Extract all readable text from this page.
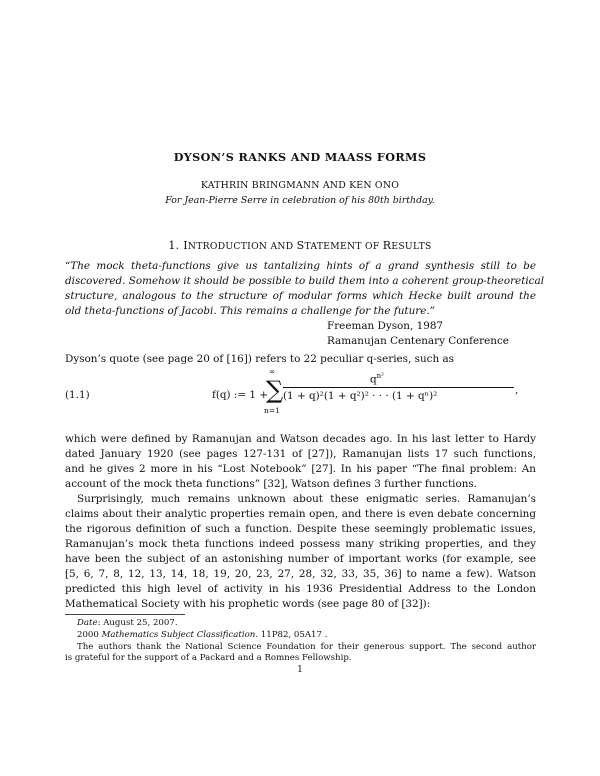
DYSON’S RANKS AND MAASS FORMS
KATHRIN BRINGMANN AND KEN ONO
For Jean-Pierre Serre in celebration of his 80th birthday.
1. INTRODUCTION AND STATEMENT OF RESULTS
“The mock theta-functions give us tantalizing hints of a grand synthesis still to be
discovered. Somehow it should be possible to build them into a coherent group-theoretical
structure, analogous to the structure of modular forms which Hecke built around the
old theta-functions of Jacobi. This remains a challenge for the future.”
Freeman Dyson, 1987
Ramanujan Centenary Conference
Dyson’s quote (see page 20 of [16]) refers to 22 peculiar q-series, such as
(1.1)	f(q) := 1 +
∞
∑
n=1
$q^{n^2}$
(1 + q)²(1 + q²)² · · · (1 + qⁿ)²	,
which were defined by Ramanujan and Watson decades ago. In his last letter to Hardy
dated January 1920 (see pages 127-131 of [27]), Ramanujan lists 17 such functions,
and he gives 2 more in his “Lost Notebook” [27]. In his paper “The final problem: An
account of the mock theta functions” [32], Watson defines 3 further functions.
Surprisingly, much remains unknown about these enigmatic series. Ramanujan’s
claims about their analytic properties remain open, and there is even debate concerning
the rigorous definition of such a function. Despite these seemingly problematic issues,
Ramanujan’s mock theta functions indeed possess many striking properties, and they
have been the subject of an astonishing number of important works (for example, see
[5, 6, 7, 8, 12, 13, 14, 18, 19, 20, 23, 27, 28, 32, 33, 35, 36] to name a few). Watson
predicted this high level of activity in his 1936 Presidential Address to the London
Mathematical Society with his prophetic words (see page 80 of [32]):
Date: August 25, 2007.
2000 Mathematics Subject Classification. 11P82, 05A17 .
The authors thank the National Science Foundation for their generous support. The second author
is grateful for the support of a Packard and a Romnes Fellowship.
1
